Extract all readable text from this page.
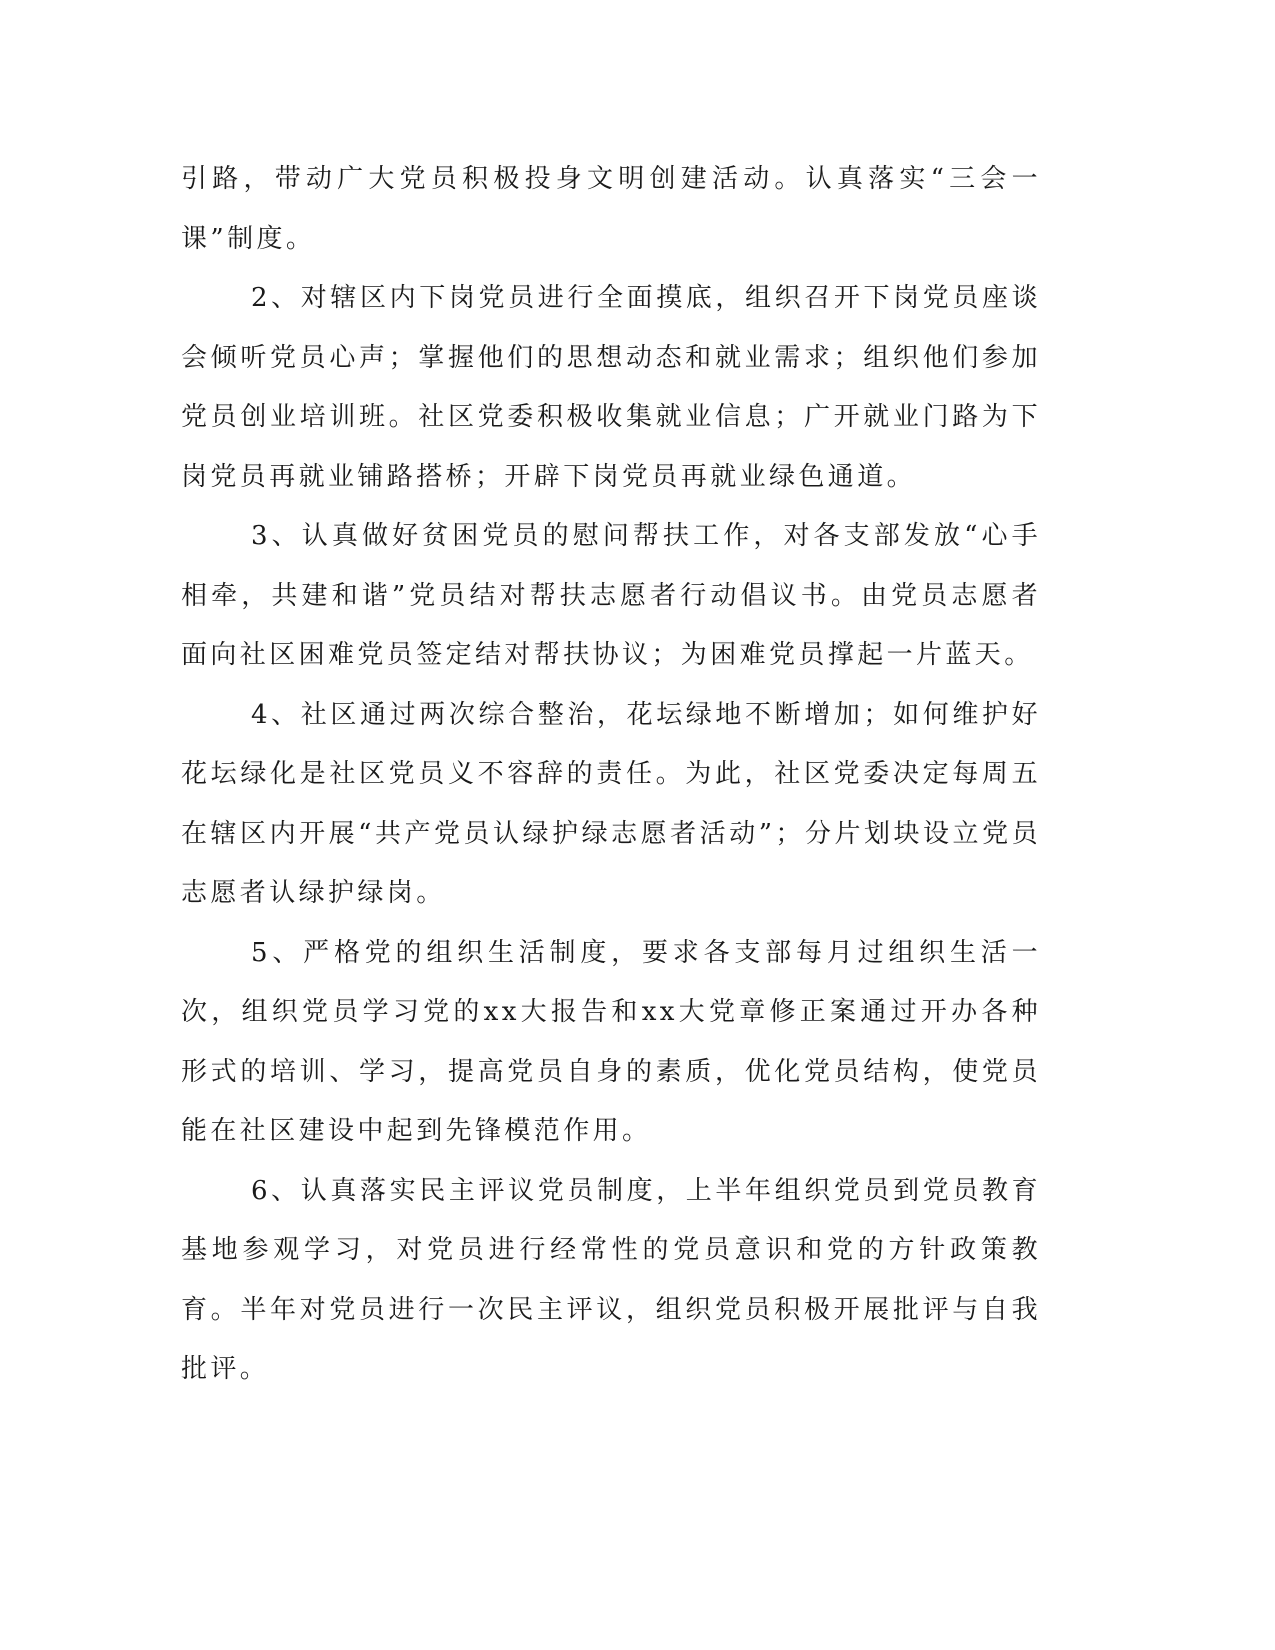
引路，带动广大党员积极投身文明创建活动。认真落实“三会一课”制度。

2、对辖区内下岗党员进行全面摸底，组织召开下岗党员座谈会倾听党员心声；掌握他们的思想动态和就业需求；组织他们参加党员创业培训班。社区党委积极收集就业信息；广开就业门路为下岗党员再就业铺路搭桥；开辟下岗党员再就业绿色通道。

3、认真做好贫困党员的慰问帮扶工作，对各支部发放“心手相牵，共建和谐”党员结对帮扶志愿者行动倡议书。由党员志愿者面向社区困难党员签定结对帮扶协议；为困难党员撑起一片蓝天。

4、社区通过两次综合整治，花坛绿地不断增加；如何维护好花坛绿化是社区党员义不容辞的责任。为此，社区党委决定每周五在辖区内开展“共产党员认绿护绿志愿者活动”；分片划块设立党员志愿者认绿护绿岗。

5、严格党的组织生活制度，要求各支部每月过组织生活一次，组织党员学习党的xx大报告和xx大党章修正案通过开办各种形式的培训、学习，提高党员自身的素质，优化党员结构，使党员能在社区建设中起到先锋模范作用。

6、认真落实民主评议党员制度，上半年组织党员到党员教育基地参观学习，对党员进行经常性的党员意识和党的方针政策教育。半年对党员进行一次民主评议，组织党员积极开展批评与自我批评。
